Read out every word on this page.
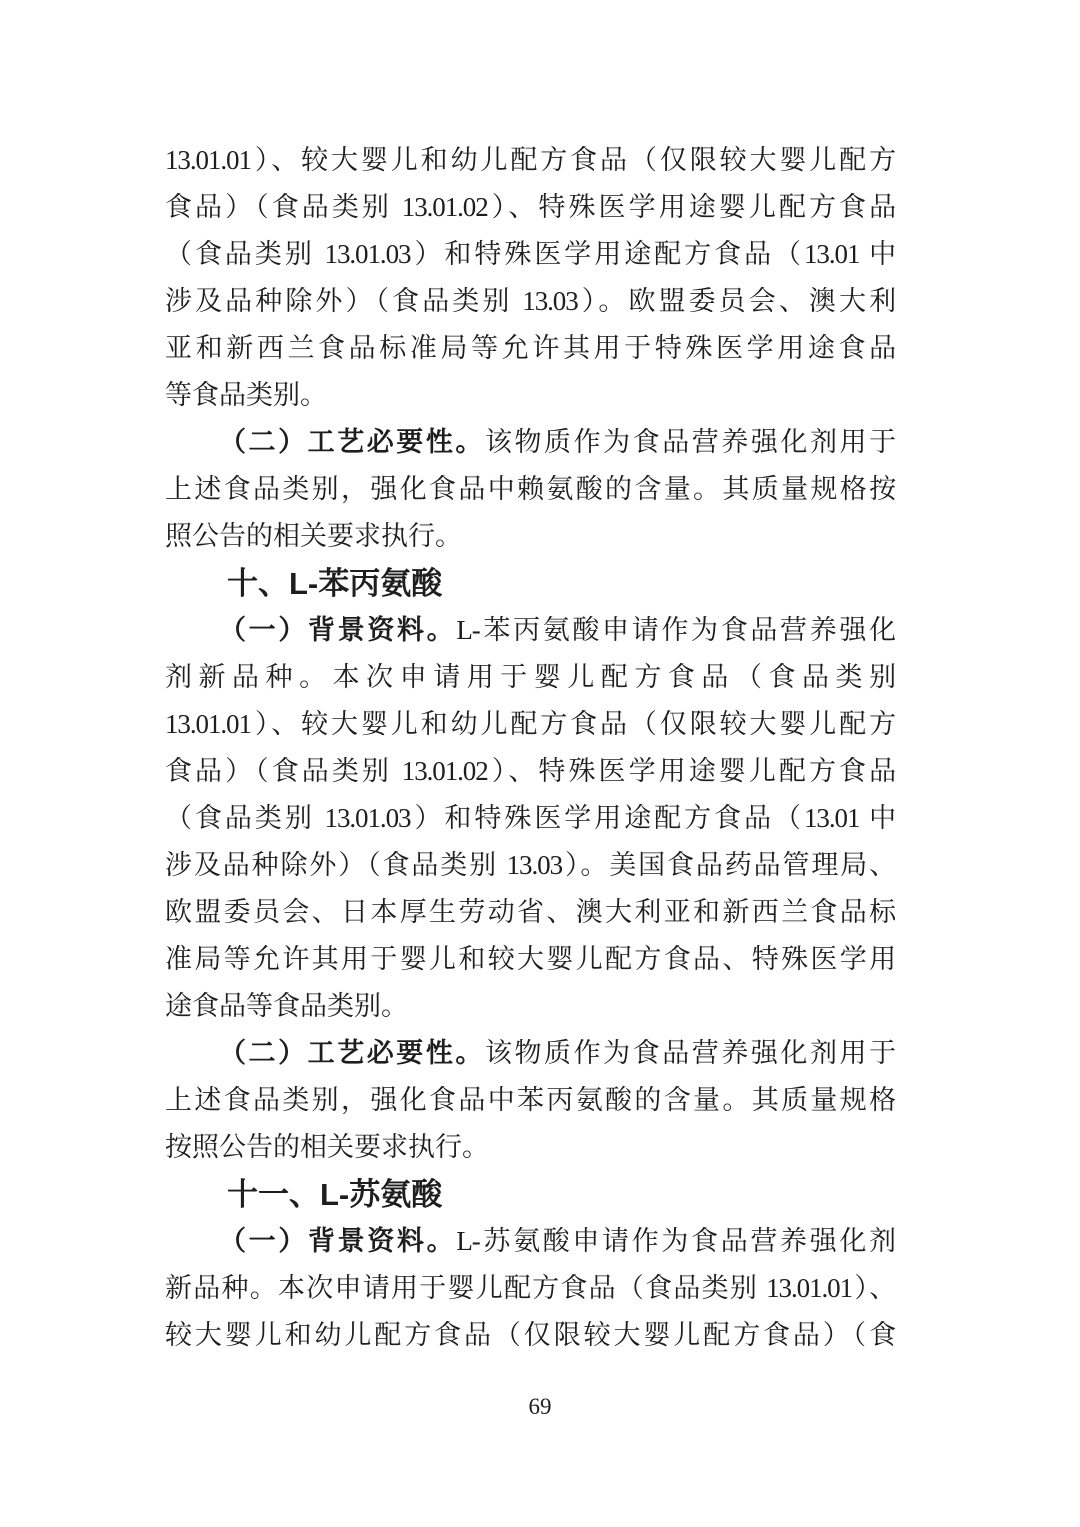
13.01.01）、较大婴儿和幼儿配方食品（仅限较大婴儿配方
食品）（食品类别 13.01.02）、特殊医学用途婴儿配方食品
（食品类别 13.01.03）和特殊医学用途配方食品（13.01 中
涉及品种除外）（食品类别 13.03）。欧盟委员会、澳大利
亚和新西兰食品标准局等允许其用于特殊医学用途食品
等食品类别。
（二）工艺必要性。该物质作为食品营养强化剂用于
上述食品类别，强化食品中赖氨酸的含量。其质量规格按
照公告的相关要求执行。
十、L-苯丙氨酸
（一）背景资料。L-苯丙氨酸申请作为食品营养强化
剂新品种。本次申请用于婴儿配方食品（食品类别
13.01.01）、较大婴儿和幼儿配方食品（仅限较大婴儿配方
食品）（食品类别 13.01.02）、特殊医学用途婴儿配方食品
（食品类别 13.01.03）和特殊医学用途配方食品（13.01 中
涉及品种除外）（食品类别 13.03）。美国食品药品管理局、
欧盟委员会、日本厚生劳动省、澳大利亚和新西兰食品标
准局等允许其用于婴儿和较大婴儿配方食品、特殊医学用
途食品等食品类别。
（二）工艺必要性。该物质作为食品营养强化剂用于
上述食品类别，强化食品中苯丙氨酸的含量。其质量规格
按照公告的相关要求执行。
十一、L-苏氨酸
（一）背景资料。L-苏氨酸申请作为食品营养强化剂
新品种。本次申请用于婴儿配方食品（食品类别 13.01.01）、
较大婴儿和幼儿配方食品（仅限较大婴儿配方食品）（食
69
